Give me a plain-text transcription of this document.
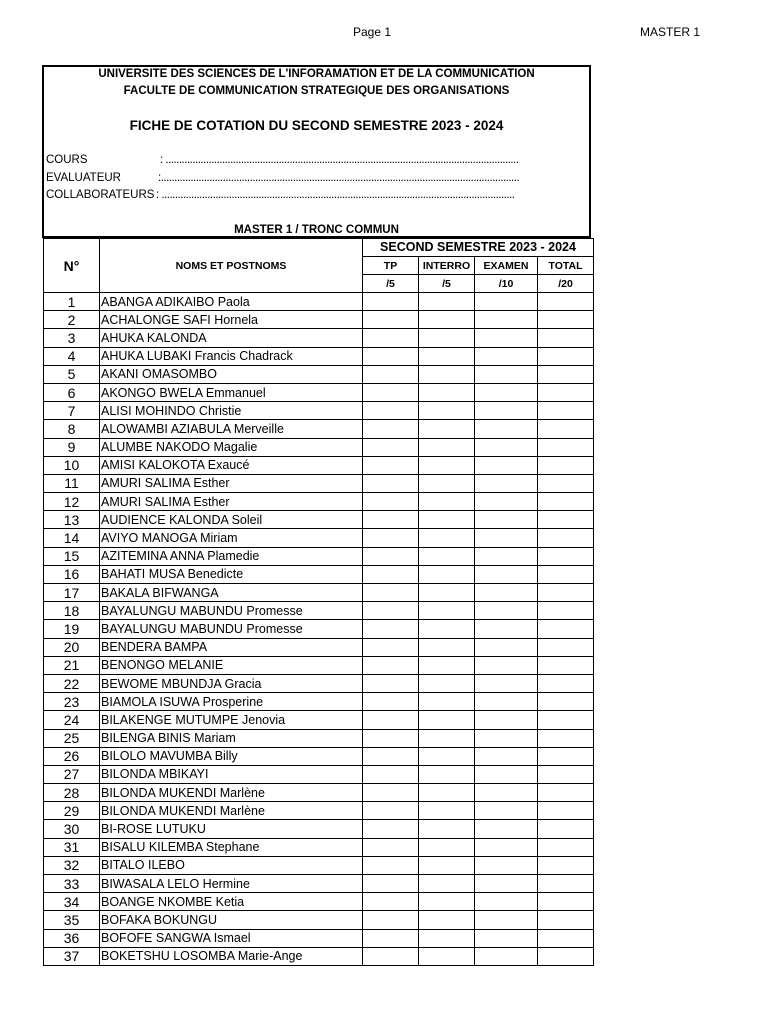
Page 1	MASTER 1
UNIVERSITE DES SCIENCES DE L'INFORAMATION ET DE LA COMMUNICATION
FACULTE DE COMMUNICATION STRATEGIQUE DES ORGANISATIONS
FICHE DE COTATION DU SECOND SEMESTRE 2023 - 2024
COURS	: ...................................................................................................................................
EVALUATEUR	:.....................................................................................................................................
COLLABORATEURS : ...................................................................................................................................
MASTER 1 / TRONC COMMUN
N°	NOMS ET POSTNOMS	SECOND SEMESTRE 2023 - 2024			
		TP	INTERRO	EXAMEN	TOTAL
		/5	/5	/10	/20
1	ABANGA ADIKAIBO Paola				
2	ACHALONGE SAFI Hornela				
3	AHUKA KALONDA				
4	AHUKA LUBAKI Francis Chadrack				
5	AKANI OMASOMBO				
6	AKONGO BWELA Emmanuel				
7	ALISI MOHINDO Christie				
8	ALOWAMBI AZIABULA Merveille				
9	ALUMBE NAKODO Magalie				
10	AMISI KALOKOTA Exaucé				
11	AMURI SALIMA Esther				
12	AMURI SALIMA Esther				
13	AUDIENCE KALONDA Soleil				
14	AVIYO MANOGA Miriam				
15	AZITEMINA ANNA Plamedie				
16	BAHATI MUSA Benedicte				
17	BAKALA BIFWANGA				
18	BAYALUNGU MABUNDU Promesse				
19	BAYALUNGU MABUNDU Promesse				
20	BENDERA BAMPA				
21	BENONGO MELANIE				
22	BEWOME MBUNDJA Gracia				
23	BIAMOLA ISUWA Prosperine				
24	BILAKENGE MUTUMPE Jenovia				
25	BILENGA BINIS Mariam				
26	BILOLO MAVUMBA Billy				
27	BILONDA MBIKAYI				
28	BILONDA MUKENDI Marlène				
29	BILONDA MUKENDI Marlène				
30	BI-ROSE LUTUKU				
31	BISALU KILEMBA Stephane				
32	BITALO ILEBO				
33	BIWASALA LELO Hermine				
34	BOANGE NKOMBE Ketia				
35	BOFAKA BOKUNGU				
36	BOFOFE SANGWA Ismael				
37	BOKETSHU LOSOMBA Marie-Ange				
